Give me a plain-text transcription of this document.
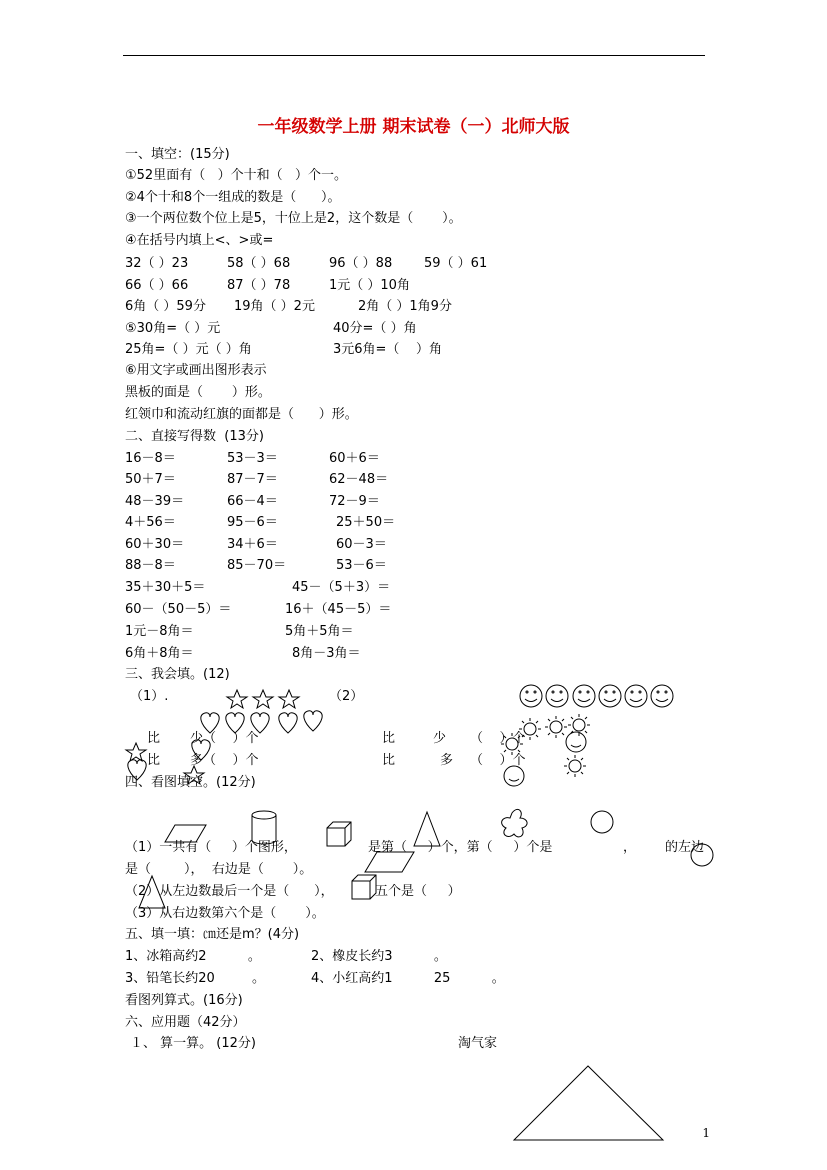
一年级数学上册 期末试卷（一）北师大版
一、填空：(15分)
①52里面有（   ）个十和（   ）个一。
②4个十和8个一组成的数是（      ）。
③一个两位数个位上是5，十位上是2，这个数是（       ）。
④在括号内填上<、>或=
32（ ）23	58（ ）68	96（ ）88 59（ ）61
66（ ）66	87（ ）78	1元（ ）10角
6角（ ）59分 19角（ ）2元	2角（ ）1角9分
⑤30角=（ ）元	40分=（ ）角
25角=（ ）元（ ）角	3元6角=（    ）角
⑥用文字或画出图形表示
黑板的面是（       ）形。
红领巾和流动红旗的面都是（      ）形。
二、直接写得数  (13分)
16－8＝	53－3＝	60＋6＝
50＋7＝	87－7＝	62－48＝
48－39＝	66－4＝	72－9＝
4＋56＝	95－6＝	25＋50＝
60＋30＝	34＋6＝	60－3＝
88－8＝	85－70＝	53－6＝
35＋30＋5＝	45－（5＋3）＝
60－（50－5）＝	16＋（45－5）＝
1元－8角＝	5角＋5角＝
6角＋8角＝	8角－3角＝
三、我会填。(12)
（1）.	（2）
比 少（    ）个	比	少 （    ）个
比 多（    ）个	比	多 （    ）个
四、看图填空。(12分)
（1）一共有（     ）个图形，	是第（     ）个，第（     ）个是	， 的左边
是（        ），  右边是（       ）。
（2）从左边数最后一个是（      ），	五个是（     ）
（3）从右边数第六个是（       ）。
五、填一填：㎝还是m？(4分)
1、冰箱高约2          。	2、橡皮长约3          。
3、铅笔长约20         。	4、小红高约1          25          。
看图列算式。(16分)
六、应用题（42分）
１、 算一算。 (12分)	淘气家
1
